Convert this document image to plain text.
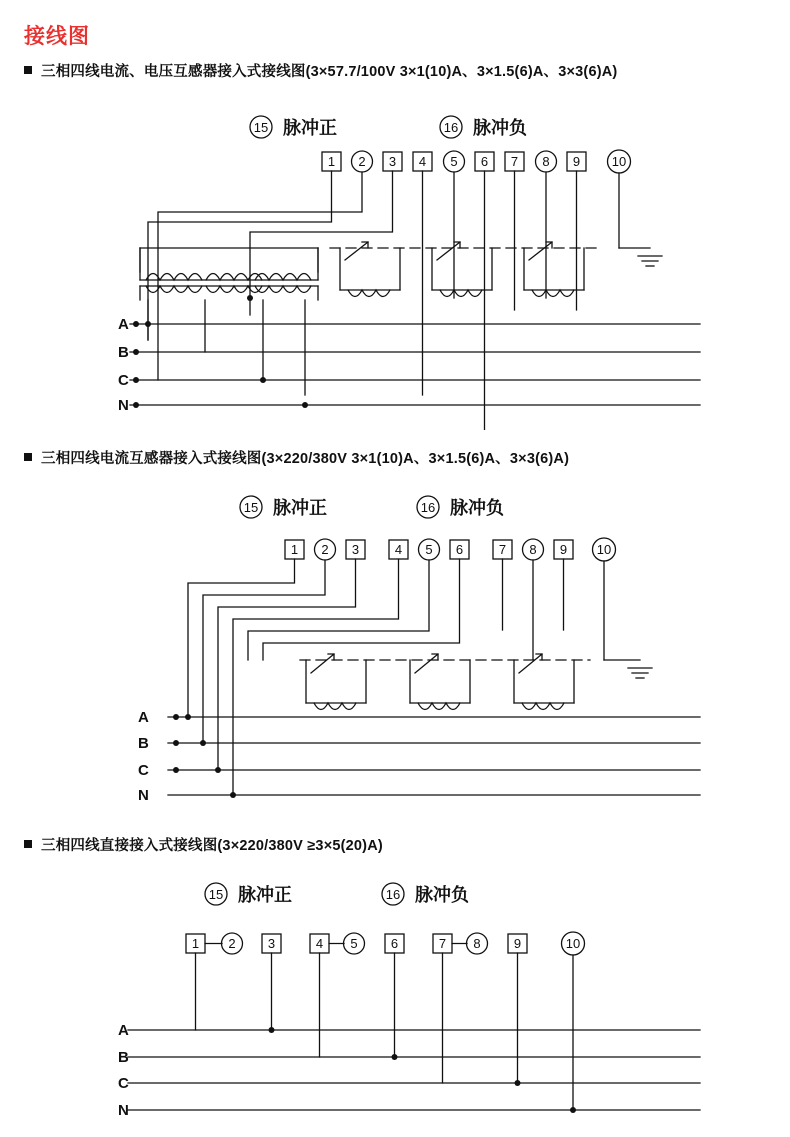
接线图
三相四线电流、电压互感器接入式接线图(3×57.7/100V 3×1(10)A、3×1.5(6)A、3×3(6)A)
15 脉冲正	16 脉冲负
1 2 3 4 5 6 7 8 9 10
A
B
C
N
三相四线电流互感器接入式接线图(3×220/380V 3×1(10)A、3×1.5(6)A、3×3(6)A)
15 脉冲正	16 脉冲负
1 2 3	4 5 6	7 8 9 10
A
B
C
N
三相四线直接接入式接线图(3×220/380V ≥3×5(20)A)
15 脉冲正	16 脉冲负
1 2 3	4 5	6	7 8	9	10
A
B
C
N
